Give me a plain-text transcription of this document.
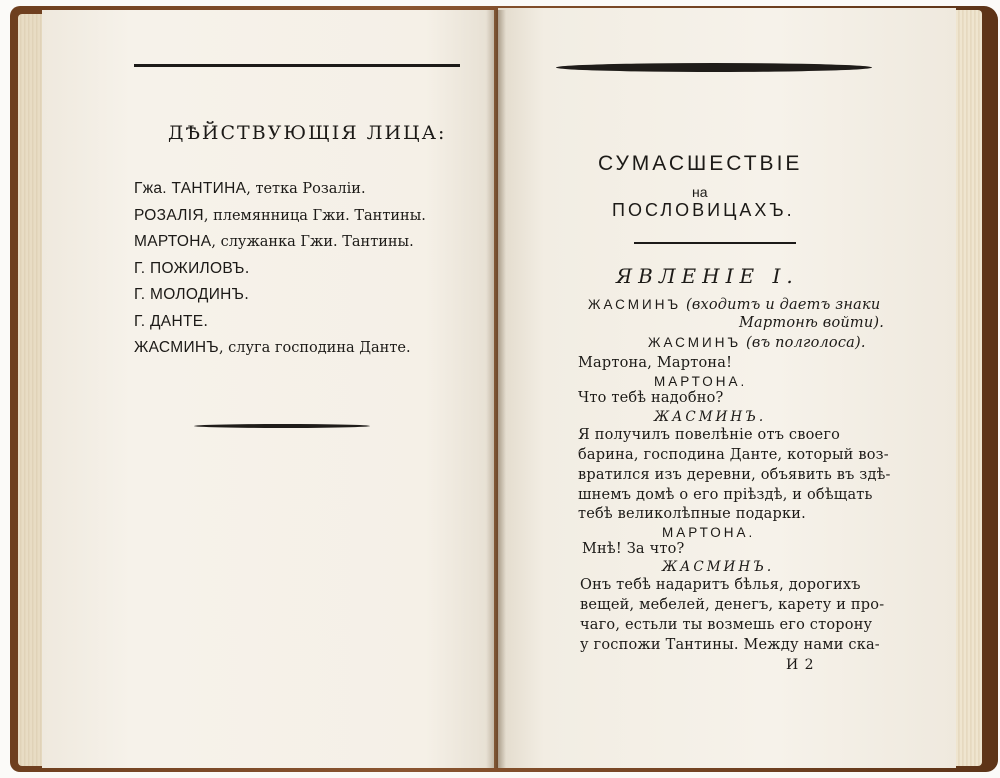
ДѢЙСТВУЮЩІЯ ЛИЦА:
Гжа. ТАНТИНА, тетка Розаліи.
РОЗАЛІЯ, племянница Гжи. Тантины.
МАРТОНА, служанка Гжи. Тантины.
Г. ПОЖИЛОВЪ.
Г. МОЛОДИНЪ.
Г. ДАНТЕ.
ЖАСМИНЪ, слуга господина Данте.
СУМАСШЕСТВІЕ
на
ПОСЛОВИЦАХЪ.
ЯВЛЕНІЕ I.
ЖАСМИНЪ (входитъ и даетъ знаки
Мартонѣ войти).
ЖАСМИНЪ (въ полголоса).
Мартона, Мартона!
МАРТОНА.
Что тебѣ надобно?
ЖАСМИНЪ.
Я получилъ повелѣніе отъ своего
барина, господина Данте, который воз-
вратился изъ деревни, объявить въ здѣ-
шнемъ домѣ о его пріѣздѣ, и обѣщать
тебѣ великолѣпные подарки.
МАРТОНА.
Мнѣ! За что?
ЖАСМИНЪ.
Онъ тебѣ надаритъ бѣлья, дорогихъ
вещей, мебелей, денегъ, карету и про-
чаго, естьли ты возмешь его сторону
у госпожи Тантины. Между нами ска-
И 2
